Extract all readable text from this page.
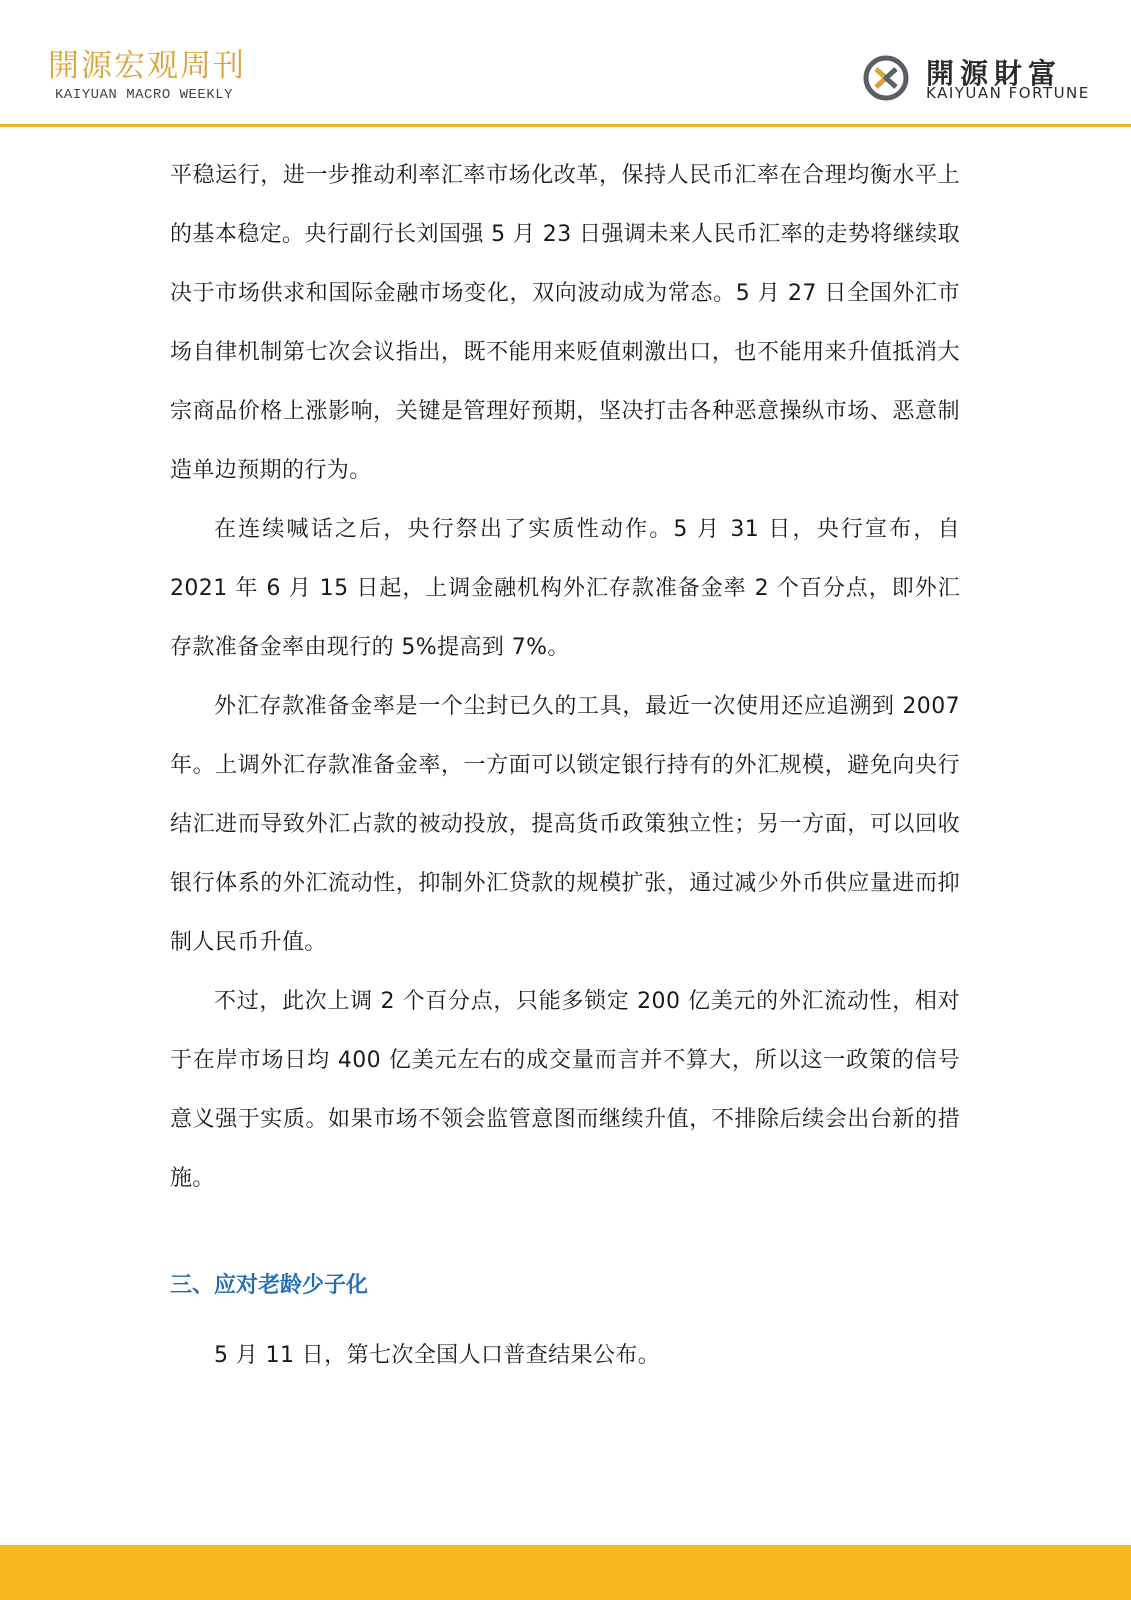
開源宏观周刊
KAIYUAN MACRO WEEKLY
開源財富
KAIYUAN FORTUNE

平稳运行，进一步推动利率汇率市场化改革，保持人民币汇率在合理均衡水平上的基本稳定。央行副行长刘国强 5 月 23 日强调未来人民币汇率的走势将继续取决于市场供求和国际金融市场变化，双向波动成为常态。5 月 27 日全国外汇市场自律机制第七次会议指出，既不能用来贬值刺激出口，也不能用来升值抵消大宗商品价格上涨影响，关键是管理好预期，坚决打击各种恶意操纵市场、恶意制造单边预期的行为。

在连续喊话之后，央行祭出了实质性动作。5 月 31 日，央行宣布，自 2021 年 6 月 15 日起，上调金融机构外汇存款准备金率 2 个百分点，即外汇存款准备金率由现行的 5%提高到 7%。

外汇存款准备金率是一个尘封已久的工具，最近一次使用还应追溯到 2007 年。上调外汇存款准备金率，一方面可以锁定银行持有的外汇规模，避免向央行结汇进而导致外汇占款的被动投放，提高货币政策独立性；另一方面，可以回收银行体系的外汇流动性，抑制外汇贷款的规模扩张，通过减少外币供应量进而抑制人民币升值。

不过，此次上调 2 个百分点，只能多锁定 200 亿美元的外汇流动性，相对于在岸市场日均 400 亿美元左右的成交量而言并不算大，所以这一政策的信号意义强于实质。如果市场不领会监管意图而继续升值，不排除后续会出台新的措施。

三、应对老龄少子化

5 月 11 日，第七次全国人口普查结果公布。
